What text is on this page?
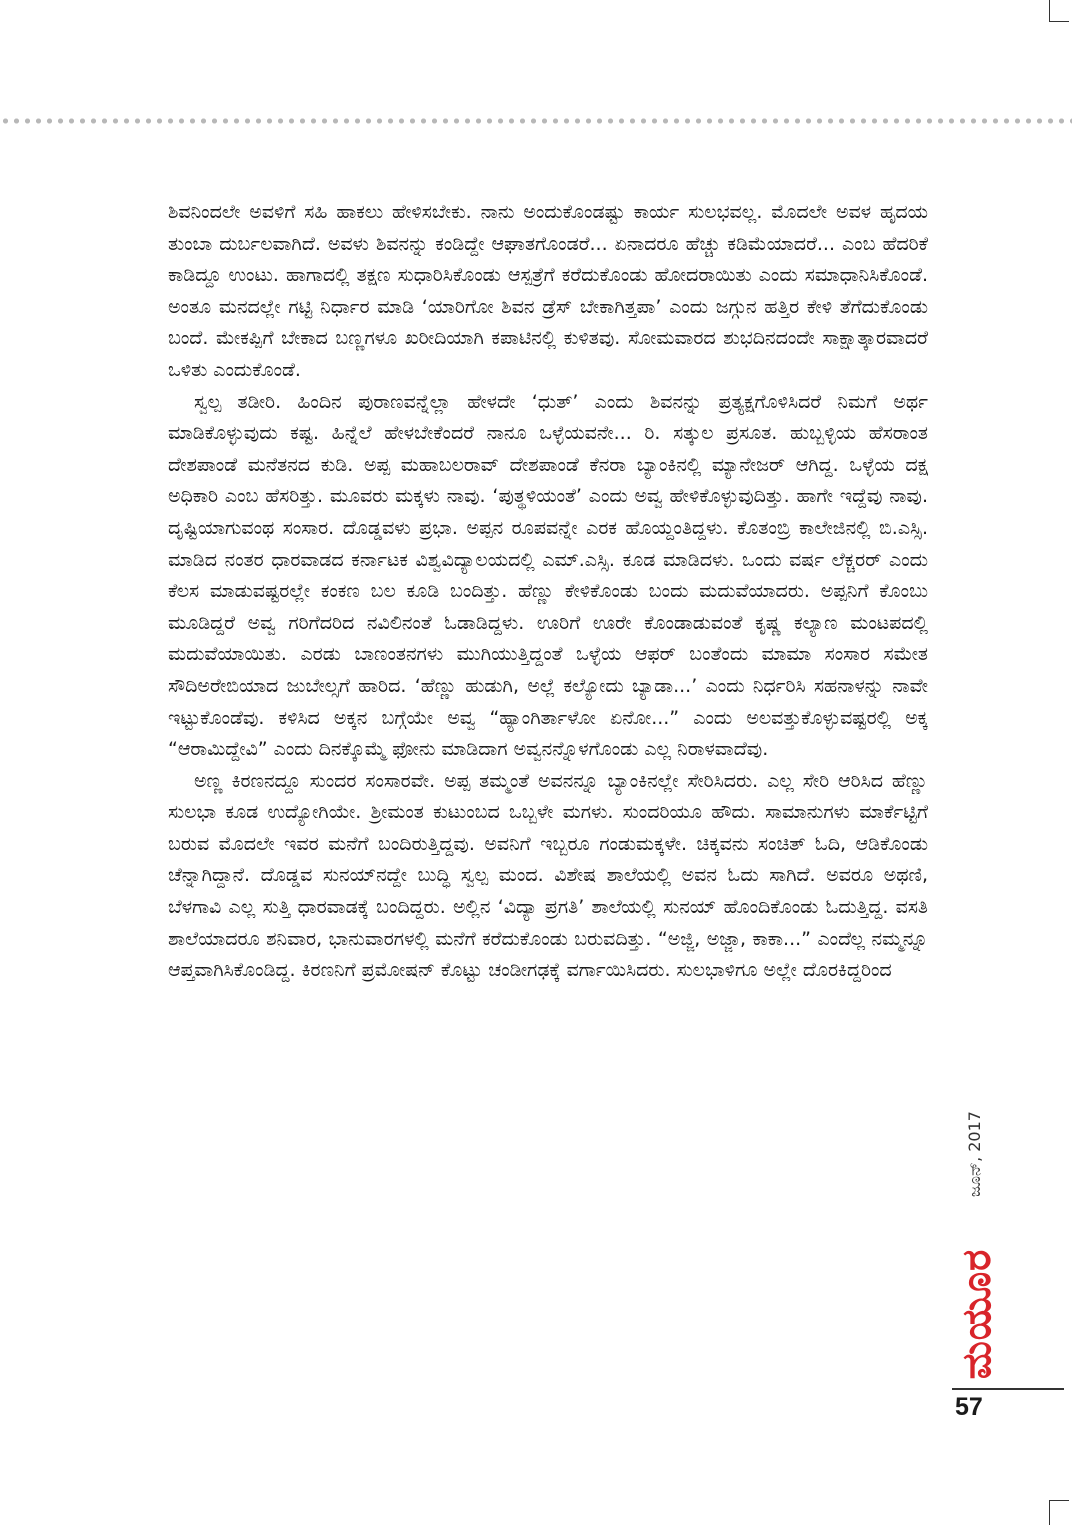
ಶಿವನಿಂದಲೇ ಅವಳಿಗೆ ಸಹಿ ಹಾಕಲು ಹೇಳಿಸಬೇಕು. ನಾನು ಅಂದುಕೊಂಡಷ್ಟು ಕಾರ್ಯ ಸುಲಭವಲ್ಲ. ಮೊದಲೇ ಅವಳ ಹೃದಯ ತುಂಬಾ ದುರ್ಬಲವಾಗಿದೆ. ಅವಳು ಶಿವನನ್ನು ಕಂಡಿದ್ದೇ ಆಘಾತಗೊಂಡರೆ... ಏನಾದರೂ ಹೆಚ್ಚು ಕಡಿಮೆಯಾದರೆ... ಎಂಬ ಹೆದರಿಕೆ ಕಾಡಿದ್ದೂ ಉಂಟು. ಹಾಗಾದಲ್ಲಿ ತಕ್ಷಣ ಸುಧಾರಿಸಿಕೊಂಡು ಆಸ್ಪತ್ರೆಗೆ ಕರೆದುಕೊಂಡು ಹೋದರಾಯಿತು ಎಂದು ಸಮಾಧಾನಿಸಿಕೊಂಡೆ. ಅಂತೂ ಮನದಲ್ಲೇ ಗಟ್ಟಿ ನಿರ್ಧಾರ ಮಾಡಿ ‘ಯಾರಿಗೋ ಶಿವನ ಡ್ರೆಸ್ ಬೇಕಾಗಿತ್ತಪಾ’ ಎಂದು ಜಗ್ಗುನ ಹತ್ತಿರ ಕೇಳಿ ತೆಗೆದುಕೊಂಡು ಬಂದೆ. ಮೇಕಪ್ಪಿಗೆ ಬೇಕಾದ ಬಣ್ಣಗಳೂ ಖರೀದಿಯಾಗಿ ಕಪಾಟಿನಲ್ಲಿ ಕುಳಿತವು. ಸೋಮವಾರದ ಶುಭದಿನದಂದೇ ಸಾಕ್ಷಾತ್ಕಾರವಾದರೆ ಒಳಿತು ಎಂದುಕೊಂಡೆ.

ಸ್ವಲ್ಪ ತಡೀರಿ. ಹಿಂದಿನ ಪುರಾಣವನ್ನೆಲ್ಲಾ ಹೇಳದೇ ‘ಧುತ್’ ಎಂದು ಶಿವನನ್ನು ಪ್ರತ್ಯಕ್ಷಗೊಳಿಸಿದರೆ ನಿಮಗೆ ಅರ್ಥ ಮಾಡಿಕೊಳ್ಳುವುದು ಕಷ್ಟ. ಹಿನ್ನೆಲೆ ಹೇಳಬೇಕೆಂದರೆ ನಾನೂ ಒಳ್ಳೆಯವನೇ... ರಿ. ಸತ್ಕುಲ ಪ್ರಸೂತ. ಹುಬ್ಬಳ್ಳಿಯ ಹೆಸರಾಂತ ದೇಶಪಾಂಡೆ ಮನೆತನದ ಕುಡಿ. ಅಪ್ಪ ಮಹಾಬಲರಾವ್ ದೇಶಪಾಂಡೆ ಕೆನರಾ ಬ್ಯಾಂಕಿನಲ್ಲಿ ಮ್ಯಾನೇಜರ್ ಆಗಿದ್ದ. ಒಳ್ಳೆಯ ದಕ್ಷ ಅಧಿಕಾರಿ ಎಂಬ ಹೆಸರಿತ್ತು. ಮೂವರು ಮಕ್ಕಳು ನಾವು. ‘ಪುತ್ಥಳಿಯಂತೆ’ ಎಂದು ಅವ್ವ ಹೇಳಿಕೊಳ್ಳುವುದಿತ್ತು. ಹಾಗೇ ಇದ್ದೆವು ನಾವು. ದೃಷ್ಟಿಯಾಗುವಂಥ ಸಂಸಾರ. ದೊಡ್ಡವಳು ಪ್ರಭಾ. ಅಪ್ಪನ ರೂಪವನ್ನೇ ಎರಕ ಹೊಯ್ದಂತಿದ್ದಳು. ಕೊತಂಬ್ರಿ ಕಾಲೇಜಿನಲ್ಲಿ ಬಿ.ಎಸ್ಸಿ. ಮಾಡಿದ ನಂತರ ಧಾರವಾಡದ ಕರ್ನಾಟಕ ವಿಶ್ವವಿದ್ಯಾಲಯದಲ್ಲಿ ಎಮ್.ಎಸ್ಸಿ. ಕೂಡ ಮಾಡಿದಳು. ಒಂದು ವರ್ಷ ಲೆಕ್ಚರರ್ ಎಂದು ಕೆಲಸ ಮಾಡುವಷ್ಟರಲ್ಲೇ ಕಂಕಣ ಬಲ ಕೂಡಿ ಬಂದಿತ್ತು. ಹೆಣ್ಣು ಕೇಳಿಕೊಂಡು ಬಂದು ಮದುವೆಯಾದರು. ಅಪ್ಪನಿಗೆ ಕೊಂಬು ಮೂಡಿದ್ದರೆ ಅವ್ವ ಗರಿಗೆದರಿದ ನವಿಲಿನಂತೆ ಓಡಾಡಿದ್ದಳು. ಊರಿಗೆ ಊರೇ ಕೊಂಡಾಡುವಂತೆ ಕೃಷ್ಣ ಕಲ್ಯಾಣ ಮಂಟಪದಲ್ಲಿ ಮದುವೆಯಾಯಿತು. ಎರಡು ಬಾಣಂತನಗಳು ಮುಗಿಯುತ್ತಿದ್ದಂತೆ ಒಳ್ಳೆಯ ಆಫರ್ ಬಂತೆಂದು ಮಾಮಾ ಸಂಸಾರ ಸಮೇತ ಸೌದಿಅರೇಬಿಯಾದ ಜುಬೇಲ್ಸಗೆ ಹಾರಿದ. ‘ಹೆಣ್ಣು ಹುಡುಗಿ, ಅಲ್ಲೆ ಕಲ್ಯೋದು ಬ್ಯಾಡಾ...’ ಎಂದು ನಿರ್ಧರಿಸಿ ಸಹನಾಳನ್ನು ನಾವೇ ಇಟ್ಟುಕೊಂಡೆವು. ಕಳಿಸಿದ ಅಕ್ಕನ ಬಗ್ಗೆಯೇ ಅವ್ವ “ಹ್ಯಾಂಗಿರ್ತಾಳೋ ಏನೋ...” ಎಂದು ಅಲವತ್ತುಕೊಳ್ಳುವಷ್ಟರಲ್ಲಿ ಅಕ್ಕ “ಆರಾಮಿದ್ದೇವಿ” ಎಂದು ದಿನಕ್ಕೊಮ್ಮೆ ಫೋನು ಮಾಡಿದಾಗ ಅವ್ವನನ್ನೊಳಗೊಂಡು ಎಲ್ಲ ನಿರಾಳವಾದೆವು.

ಅಣ್ಣ ಕಿರಣನದ್ದೂ ಸುಂದರ ಸಂಸಾರವೇ. ಅಪ್ಪ ತಮ್ಮಂತೆ ಅವನನ್ನೂ ಬ್ಯಾಂಕಿನಲ್ಲೇ ಸೇರಿಸಿದರು. ಎಲ್ಲ ಸೇರಿ ಆರಿಸಿದ ಹೆಣ್ಣು ಸುಲಭಾ ಕೂಡ ಉದ್ಯೋಗಿಯೇ. ಶ್ರೀಮಂತ ಕುಟುಂಬದ ಒಬ್ಬಳೇ ಮಗಳು. ಸುಂದರಿಯೂ ಹೌದು. ಸಾಮಾನುಗಳು ಮಾರ್ಕೆಟ್ಟಿಗೆ ಬರುವ ಮೊದಲೇ ಇವರ ಮನೆಗೆ ಬಂದಿರುತ್ತಿದ್ದವು. ಅವನಿಗೆ ಇಬ್ಬರೂ ಗಂಡುಮಕ್ಕಳೇ. ಚಿಕ್ಕವನು ಸಂಚಿತ್ ಓದಿ, ಆಡಿಕೊಂಡು ಚೆನ್ನಾಗಿದ್ದಾನೆ. ದೊಡ್ಡವ ಸುನಯ್‌ನದ್ದೇ ಬುದ್ಧಿ ಸ್ವಲ್ಪ ಮಂದ. ವಿಶೇಷ ಶಾಲೆಯಲ್ಲಿ ಅವನ ಓದು ಸಾಗಿದೆ. ಅವರೂ ಅಥಣಿ, ಬೆಳಗಾವಿ ಎಲ್ಲ ಸುತ್ತಿ ಧಾರವಾಡಕ್ಕೆ ಬಂದಿದ್ದರು. ಅಲ್ಲಿನ ‘ವಿದ್ಯಾ ಪ್ರಗತಿ’ ಶಾಲೆಯಲ್ಲಿ ಸುನಯ್ ಹೊಂದಿಕೊಂಡು ಓದುತ್ತಿದ್ದ. ವಸತಿ ಶಾಲೆಯಾದರೂ ಶನಿವಾರ, ಭಾನುವಾರಗಳಲ್ಲಿ ಮನೆಗೆ ಕರೆದುಕೊಂಡು ಬರುವದಿತ್ತು. “ಅಜ್ಜಿ, ಅಜ್ಜಾ, ಕಾಕಾ...” ಎಂದೆಲ್ಲ ನಮ್ಮನ್ನೂ ಆಪ್ತವಾಗಿಸಿಕೊಂಡಿದ್ದ. ಕಿರಣನಿಗೆ ಪ್ರಮೋಷನ್ ಕೊಟ್ಟು ಚಂಡೀಗಢಕ್ಕೆ ವರ್ಗಾಯಿಸಿದರು. ಸುಲಭಾಳಿಗೂ ಅಲ್ಲೇ ದೊರಕಿದ್ದರಿಂದ

ಜೂನ್, 2017
ಮಯೂರ
57
